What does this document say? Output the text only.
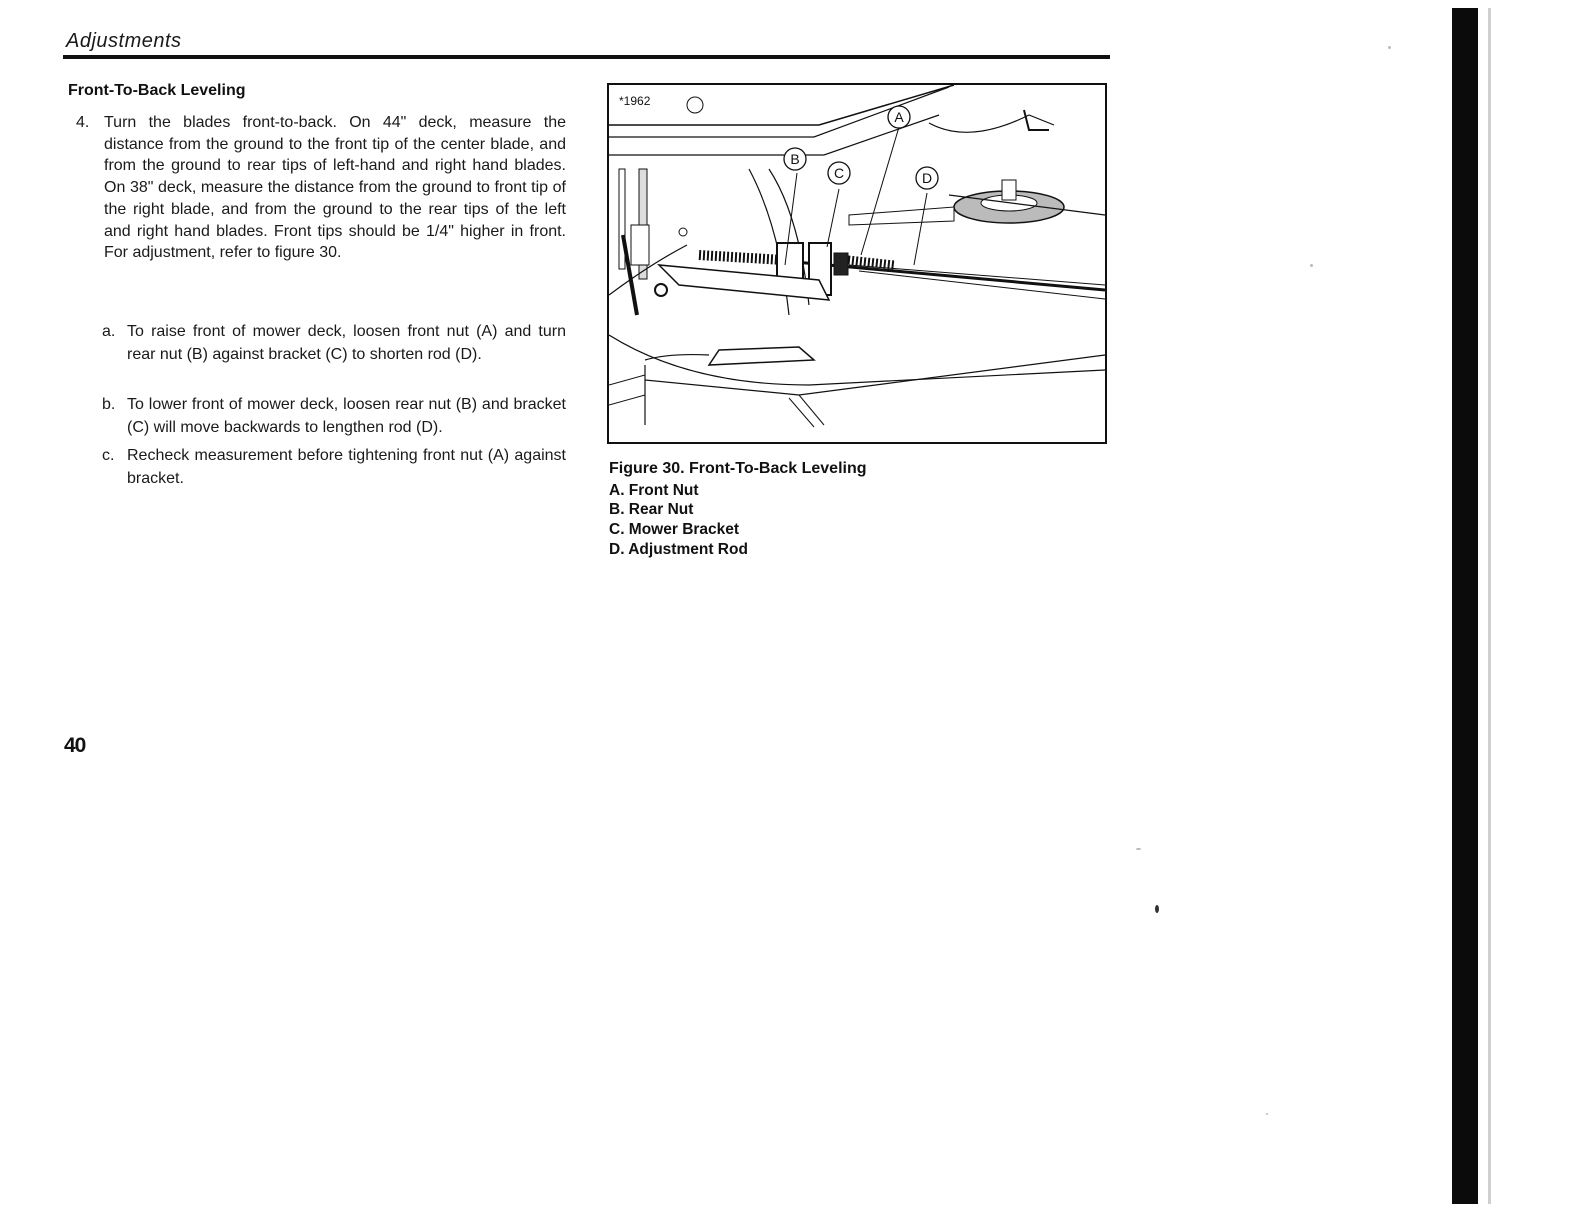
Adjustments
Front-To-Back Leveling
4. Turn the blades front-to-back. On 44" deck, measure the distance from the ground to the front tip of the center blade, and from the ground to rear tips of left-hand and right hand blades. On 38" deck, measure the distance from the ground to front tip of the right blade, and from the ground to the rear tips of the left and right hand blades. Front tips should be 1/4" higher in front. For adjustment, refer to figure 30.
a. To raise front of mower deck, loosen front nut (A) and turn rear nut (B) against bracket (C) to shorten rod (D).
b. To lower front of mower deck, loosen rear nut (B) and bracket (C) will move backwards to lengthen rod (D).
c. Recheck measurement before tightening front nut (A) against bracket.
*1962
A
B
C	D
Figure 30. Front-To-Back Leveling
A. Front Nut
B. Rear Nut
C. Mower Bracket
D. Adjustment Rod
40
